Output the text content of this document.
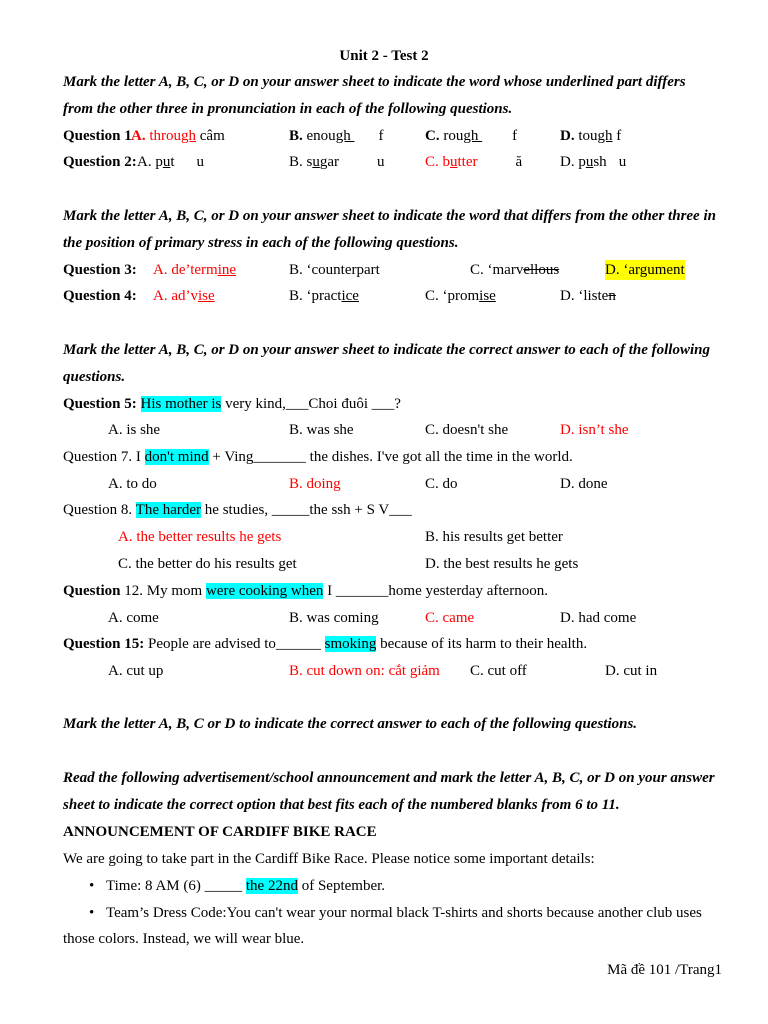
Unit 2 - Test 2
Mark the letter A, B, C, or D on your answer sheet to indicate the word whose underlined part differs
from the other three in pronunciation in each of the following questions.
Question 1 A. through câm	B. enough f	C. rough f	D. tough f
Question 2: A. put u	B. sugar	u	C. butter	ă	D. push u
Mark the letter A, B, C, or D on your answer sheet to indicate the word that differs from the other three in
the position of primary stress in each of the following questions.
Question 3: A. de’termine	B. ‘counterpart	C. ‘marvellous	D. ‘argument
Question 4: A. ad’vise	B. ‘practice	C. ‘promise	D. ‘listen
Mark the letter A, B, C, or D on your answer sheet to indicate the correct answer to each of the following
questions.
Question 5: His mother is very kind,___Choi đuôi ___?
A. is she	B. was she	C. doesn't she	D. isn’t she
Question 7. I don't mind + Ving_______ the dishes. I've got all the time in the world.
A. to do	B. doing	C. do	D. done
Question 8. The harder he studies, _____the ssh + S V___
A. the better results he gets	B. his results get better
C. the better do his results get	D. the best results he gets
Question 12. My mom were cooking when I _______home yesterday afternoon.
A. come	B. was coming	C. came	D. had come
Question 15: People are advised to______ smoking because of its harm to their health.
A. cut up	B. cut down on: cắt giảm C. cut off	D. cut in
Mark the letter A, B, C or D to indicate the correct answer to each of the following questions.
Read the following advertisement/school announcement and mark the letter A, B, C, or D on your answer
sheet to indicate the correct option that best fits each of the numbered blanks from 6 to 11.
ANNOUNCEMENT OF CARDIFF BIKE RACE
We are going to take part in the Cardiff Bike Race. Please notice some important details:
• Time: 8 AM (6) _____ the 22nd of September.
• Team’s Dress Code:You can't wear your normal black T-shirts and shorts because another club uses
those colors. Instead, we will wear blue.
Mã đề 101 /Trang1
